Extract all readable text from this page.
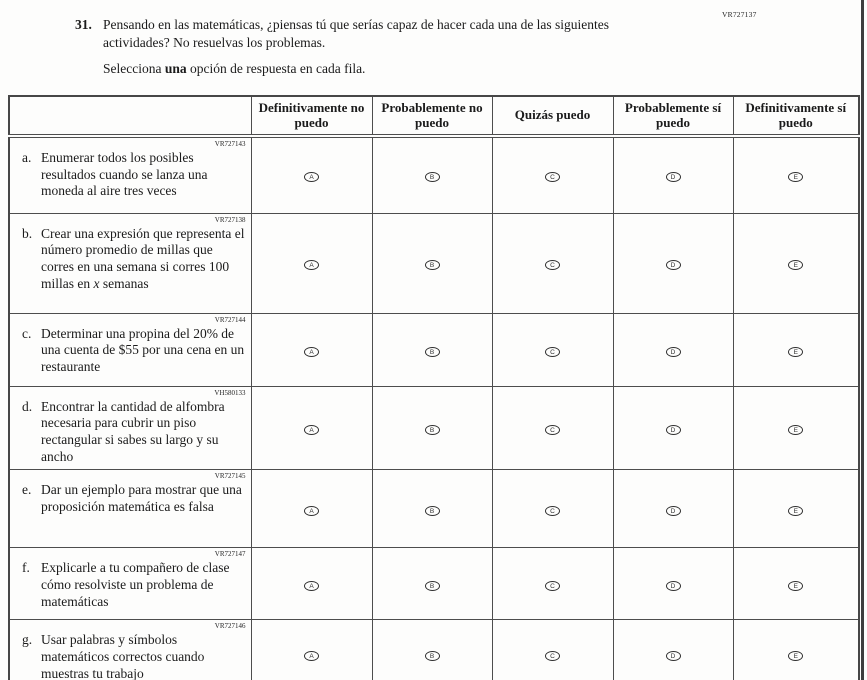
VR727137
31. Pensando en las matemáticas, ¿piensas tú que serías capaz de hacer cada una de las siguientes actividades? No resuelvas los problemas.
Selecciona una opción de respuesta en cada fila.
	Definitivamente no puedo	Probablemente no puedo	Quizás puedo	Probablemente sí puedo	Definitivamente sí puedo

VR727143
a. Enumerar todos los posibles resultados cuando se lanza una moneda al aire tres veces	A	B	C	D	E

VR727138
b. Crear una expresión que representa el número promedio de millas que corres en una semana si corres 100 millas en x semanas	A	B	C	D	E

VR727144
c. Determinar una propina del 20% de una cuenta de $55 por una cena en un restaurante	A	B	C	D	E

VH580133
d. Encontrar la cantidad de alfombra necesaria para cubrir un piso rectangular si sabes su largo y su ancho	A	B	C	D	E

VR727145
e. Dar un ejemplo para mostrar que una proposición matemática es falsa	A	B	C	D	E

VR727147
f. Explicarle a tu compañero de clase cómo resolviste un problema de matemáticas	A	B	C	D	E

VR727146
g. Usar palabras y símbolos matemáticos correctos cuando muestras tu trabajo	A	B	C	D	E
